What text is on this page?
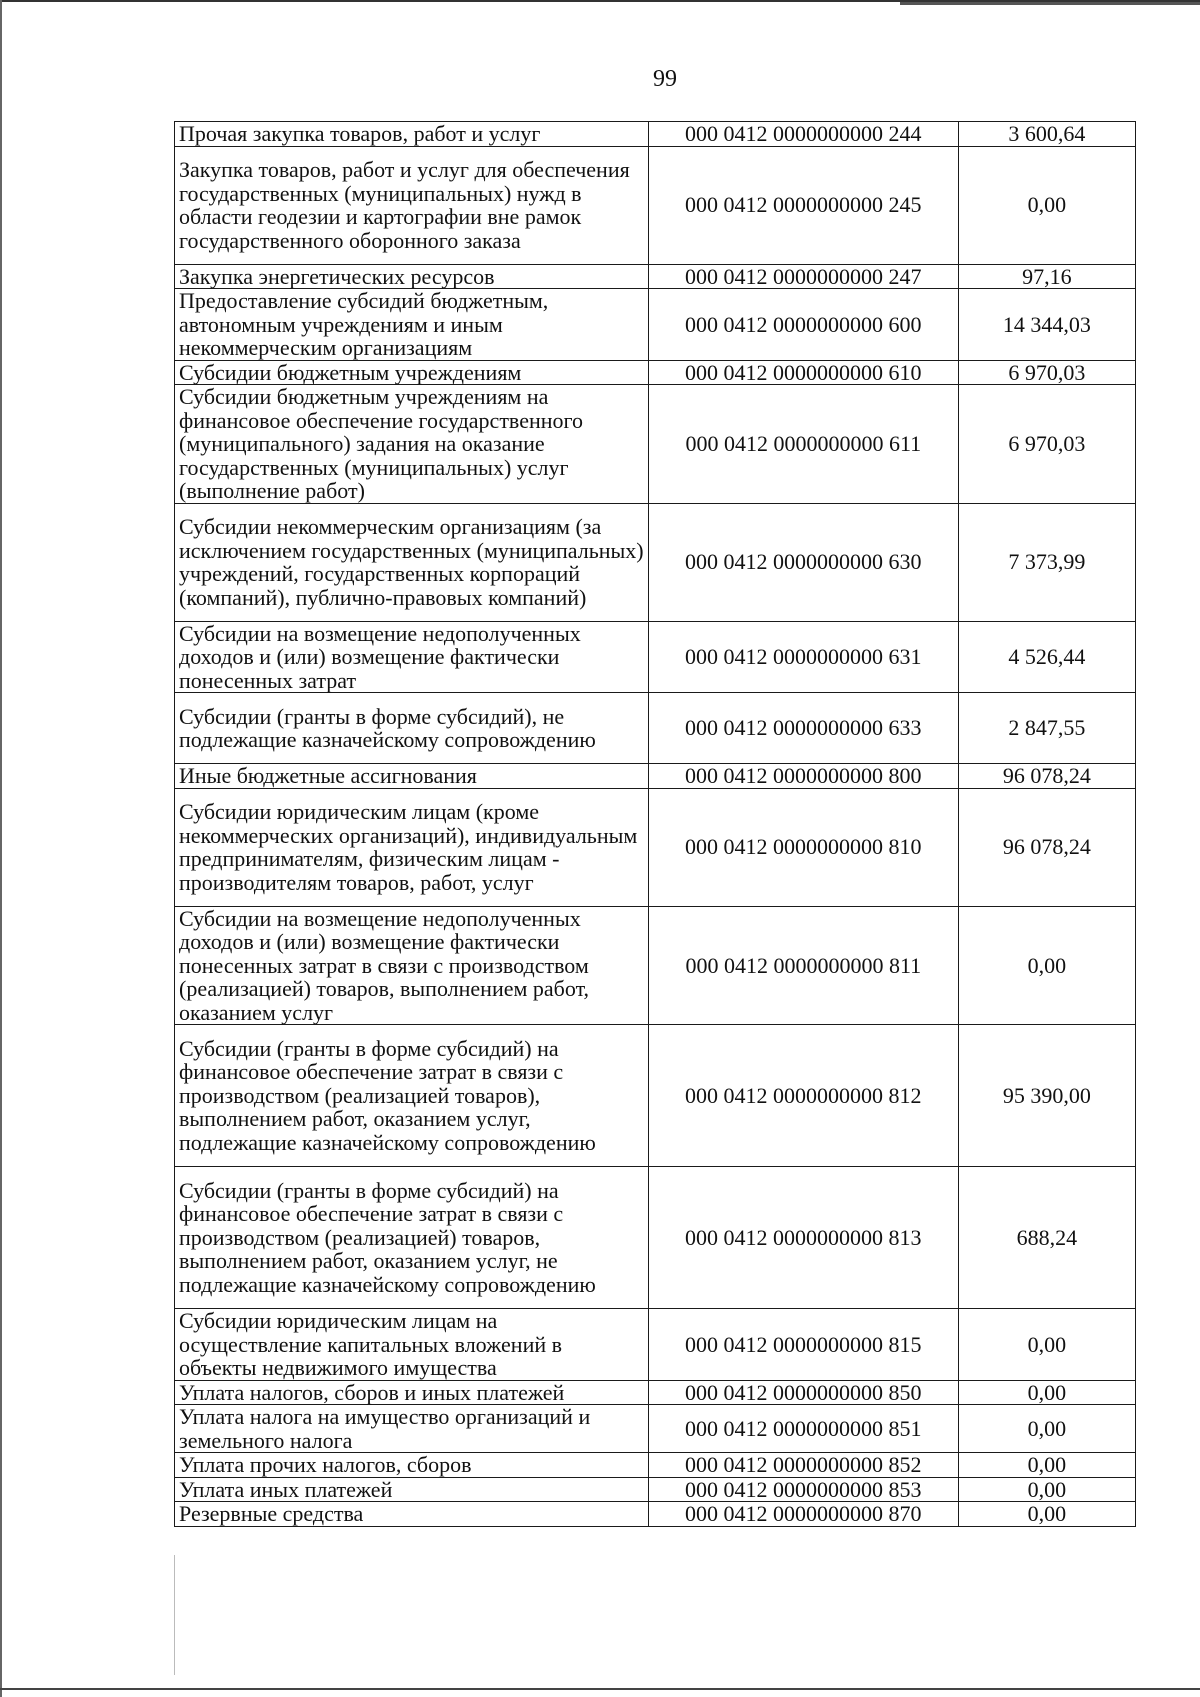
99
Прочая закупка товаров, работ и услуг	000 0412 0000000000 244	3 600,64
Закупка товаров, работ и услуг для обеспечения государственных (муниципальных) нужд в области геодезии и картографии вне рамок государственного оборонного заказа	000 0412 0000000000 245	0,00
Закупка энергетических ресурсов	000 0412 0000000000 247	97,16
Предоставление субсидий бюджетным, автономным учреждениям и иным некоммерческим организациям	000 0412 0000000000 600	14 344,03
Субсидии бюджетным учреждениям	000 0412 0000000000 610	6 970,03
Субсидии бюджетным учреждениям на финансовое обеспечение государственного (муниципального) задания на оказание государственных (муниципальных) услуг (выполнение работ)	000 0412 0000000000 611	6 970,03
Субсидии некоммерческим организациям (за исключением государственных (муниципальных) учреждений, государственных корпораций (компаний), публично-правовых компаний)	000 0412 0000000000 630	7 373,99
Субсидии на возмещение недополученных доходов и (или) возмещение фактически понесенных затрат	000 0412 0000000000 631	4 526,44
Субсидии (гранты в форме субсидий), не подлежащие казначейскому сопровождению	000 0412 0000000000 633	2 847,55
Иные бюджетные ассигнования	000 0412 0000000000 800	96 078,24
Субсидии юридическим лицам (кроме некоммерческих организаций), индивидуальным предпринимателям, физическим лицам - производителям товаров, работ, услуг	000 0412 0000000000 810	96 078,24
Субсидии на возмещение недополученных доходов и (или) возмещение фактически понесенных затрат в связи с производством (реализацией) товаров, выполнением работ, оказанием услуг	000 0412 0000000000 811	0,00
Субсидии (гранты в форме субсидий) на финансовое обеспечение затрат в связи с производством (реализацией товаров), выполнением работ, оказанием услуг, подлежащие казначейскому сопровождению	000 0412 0000000000 812	95 390,00
Субсидии (гранты в форме субсидий) на финансовое обеспечение затрат в связи с производством (реализацией) товаров, выполнением работ, оказанием услуг, не подлежащие казначейскому сопровождению	000 0412 0000000000 813	688,24
Субсидии юридическим лицам на осуществление капитальных вложений в объекты недвижимого имущества	000 0412 0000000000 815	0,00
Уплата налогов, сборов и иных платежей	000 0412 0000000000 850	0,00
Уплата налога на имущество организаций и земельного налога	000 0412 0000000000 851	0,00
Уплата прочих налогов, сборов	000 0412 0000000000 852	0,00
Уплата иных платежей	000 0412 0000000000 853	0,00
Резервные средства	000 0412 0000000000 870	0,00
